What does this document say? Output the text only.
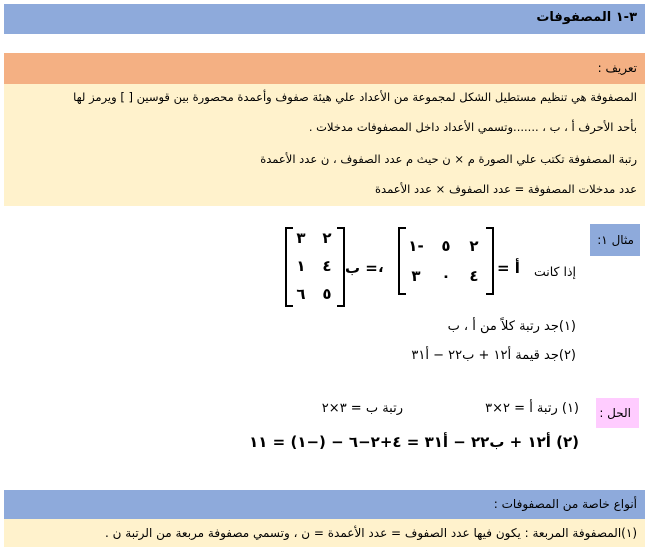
٣-١ المصفوفات
تعريف :
المصفوفة هي تنظيم مستطيل الشكل لمجموعة من الأعداد علي هيئة صفوف وأعمدة محصورة بين قوسين [ ] ويرمز لها
بأحد الأحرف أ ، ب ، .......وتسمي الأعداد داخل المصفوفات مدخلات .
رتبة المصفوفة تكتب علي الصورة م × ن حيث م عدد الصفوف ، ن عدد الأعمدة
عدد مدخلات المصفوفة = عدد الصفوف × عدد الأعمدة
مثال ١:
إذا كانت
أ =
٢
٥
١-
٤
٠
٣
،
= ب
٢
٣
٤
١
٥
٦
(١)جد رتبة كلاً من أ ، ب
(٢)جد قيمة أ١٢ + ب٢٢ − أ٣١
الحل :
(١) رتبة أ = ٢×٣
رتبة ب = ٣×٢
(٢) أ١٢ + ب٢٢ − أ٣١ = ٤+٢−٦ − (−١) = ١١
أنواع خاصة من المصفوفات :
(١)المصفوفة المربعة : يكون فيها عدد الصفوف = عدد الأعمدة = ن ، وتسمي مصفوفة مربعة من الرتبة ن .
